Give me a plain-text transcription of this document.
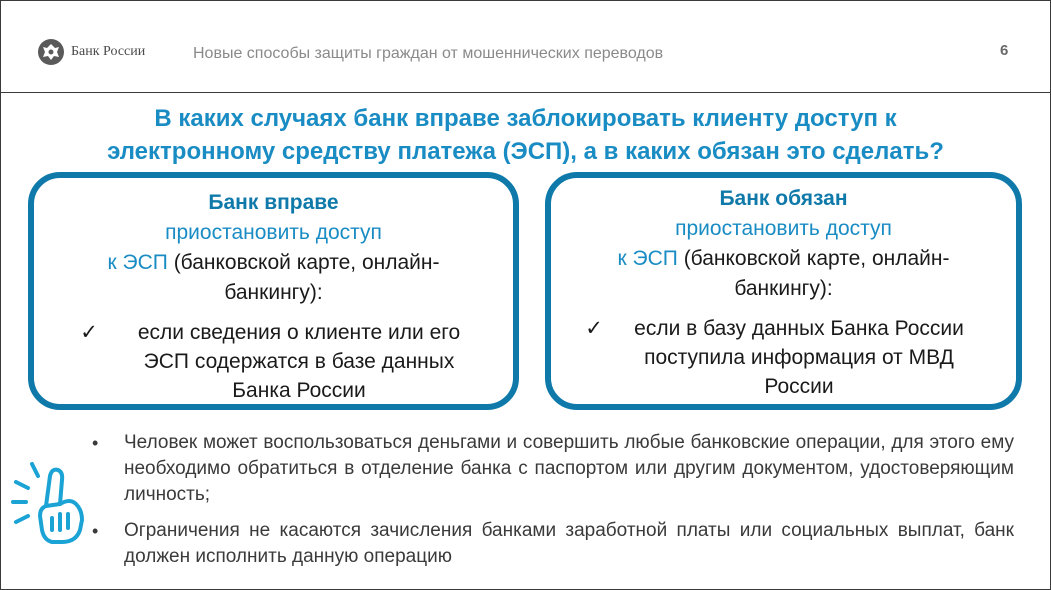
Банк России	Новые способы защиты граждан от мошеннических переводов	6
В каких случаях банк вправе заблокировать клиенту доступ к
электронному средству платежа (ЭСП), а в каких обязан это сделать?
Банк вправе
приостановить доступ
к ЭСП (банковской карте, онлайн-
банкингу):
✓	если сведения о клиенте или его
ЭСП содержатся в базе данных
Банка России
Банк обязан
приостановить доступ
к ЭСП (банковской карте, онлайн-
банкингу):
✓	если в базу данных Банка России
поступила информация от МВД
России
•	Человек может воспользоваться деньгами и совершить любые банковские операции, для этого ему необходимо обратиться в отделение банка с паспортом или другим документом, удостоверяющим личность;
•	Ограничения не касаются зачисления банками заработной платы или социальных выплат, банк должен исполнить данную операцию
